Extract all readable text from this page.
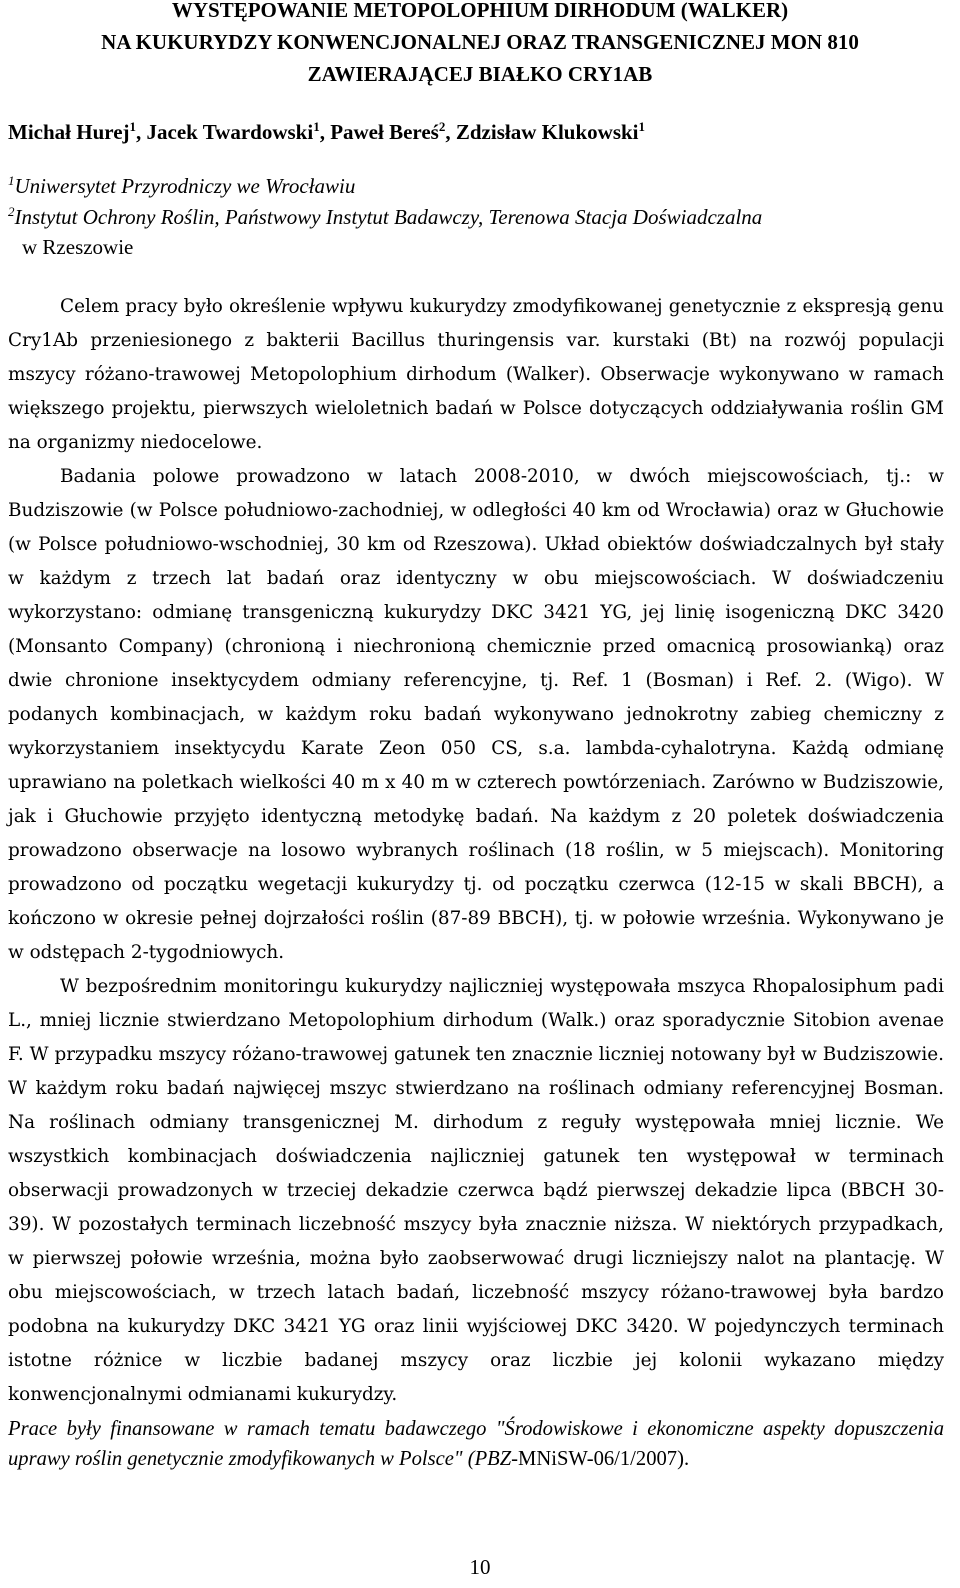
WYSTĘPOWANIE METOPOLOPHIUM DIRHODUM (WALKER)
NA KUKURYDZY KONWENCJONALNEJ ORAZ TRANSGENICZNEJ MON 810
ZAWIERAJĄCEJ BIAŁKO CRY1AB
Michał Hurej$^1$, Jacek Twardowski$^1$, Paweł Bereś$^2$, Zdzisław Klukowski$^1$
$^1$Uniwersytet Przyrodniczy we Wrocławiu
$^2$Instytut Ochrony Roślin, Państwowy Instytut Badawczy, Terenowa Stacja Doświadczalna
w Rzeszowie

Celem pracy było określenie wpływu kukurydzy zmodyfikowanej genetycznie z ekspresją genu Cry1Ab przeniesionego z bakterii Bacillus thuringensis var. kurstaki (Bt) na rozwój populacji mszycy różano-trawowej Metopolophium dirhodum (Walker). Obserwacje wykonywano w ramach większego projektu, pierwszych wieloletnich badań w Polsce dotyczących oddziaływania roślin GM na organizmy niedocelowe.

Badania polowe prowadzono w latach 2008-2010, w dwóch miejscowościach, tj.: w Budziszowie (w Polsce południowo-zachodniej, w odległości 40 km od Wrocławia) oraz w Głuchowie (w Polsce południowo-wschodniej, 30 km od Rzeszowa). Układ obiektów doświadczalnych był stały w każdym z trzech lat badań oraz identyczny w obu miejscowościach. W doświadczeniu wykorzystano: odmianę transgeniczną kukurydzy DKC 3421 YG, jej linię isogeniczną DKC 3420 (Monsanto Company) (chronioną i niechronioną chemicznie przed omacnicą prosowianką) oraz dwie chronione insektycydem odmiany referencyjne, tj. Ref. 1 (Bosman) i Ref. 2. (Wigo). W podanych kombinacjach, w każdym roku badań wykonywano jednokrotny zabieg chemiczny z wykorzystaniem insektycydu Karate Zeon 050 CS, s.a. lambda-cyhalotryna. Każdą odmianę uprawiano na poletkach wielkości 40 m x 40 m w czterech powtórzeniach. Zarówno w Budziszowie, jak i Głuchowie przyjęto identyczną metodykę badań. Na każdym z 20 poletek doświadczenia prowadzono obserwacje na losowo wybranych roślinach (18 roślin, w 5 miejscach). Monitoring prowadzono od początku wegetacji kukurydzy tj. od początku czerwca (12-15 w skali BBCH), a kończono w okresie pełnej dojrzałości roślin (87-89 BBCH), tj. w połowie września. Wykonywano je w odstępach 2-tygodniowych.

W bezpośrednim monitoringu kukurydzy najliczniej występowała mszyca Rhopalosiphum padi L., mniej licznie stwierdzano Metopolophium dirhodum (Walk.) oraz sporadycznie Sitobion avenae F. W przypadku mszycy różano-trawowej gatunek ten znacznie liczniej notowany był w Budziszowie. W każdym roku badań najwięcej mszyc stwierdzano na roślinach odmiany referencyjnej Bosman. Na roślinach odmiany transgenicznej M. dirhodum z reguły występowała mniej licznie. We wszystkich kombinacjach doświadczenia najliczniej gatunek ten występował w terminach obserwacji prowadzonych w trzeciej dekadzie czerwca bądź pierwszej dekadzie lipca (BBCH 30-39). W pozostałych terminach liczebność mszycy była znacznie niższa. W niektórych przypadkach, w pierwszej połowie września, można było zaobserwować drugi liczniejszy nalot na plantację. W obu miejscowościach, w trzech latach badań, liczebność mszycy różano-trawowej była bardzo podobna na kukurydzy DKC 3421 YG oraz linii wyjściowej DKC 3420. W pojedynczych terminach istotne różnice w liczbie badanej mszycy oraz liczbie jej kolonii wykazano między konwencjonalnymi odmianami kukurydzy.

Prace były finansowane w ramach tematu badawczego "Środowiskowe i ekonomiczne aspekty dopuszczenia uprawy roślin genetycznie zmodyfikowanych w Polsce" (PBZ-MNiSW-06/1/2007).
10
